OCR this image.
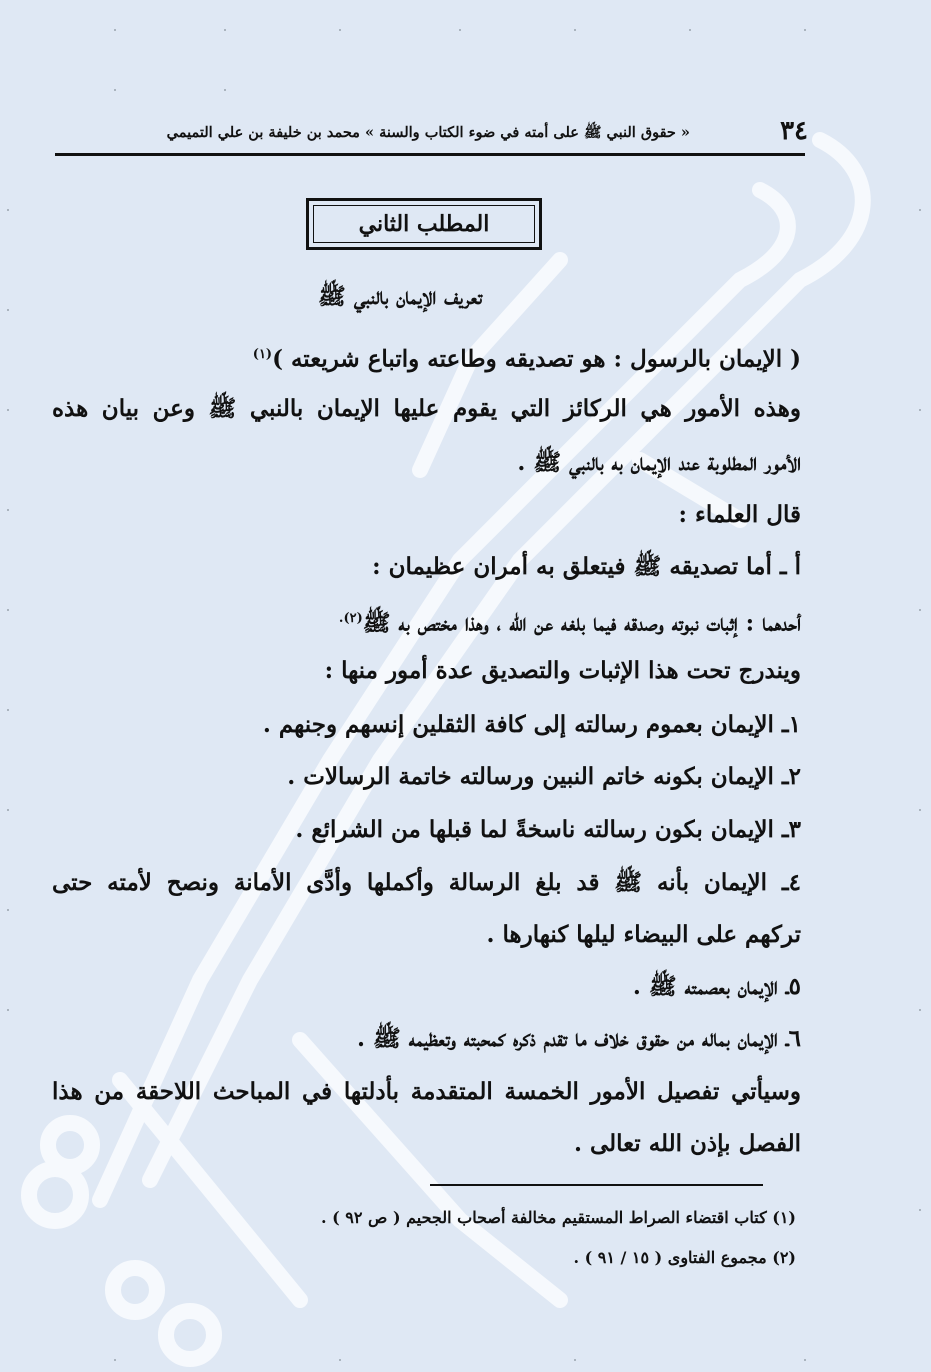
٣٤
« حقوق النبي ﷺ على أمته في ضوء الكتاب والسنة » محمد بن خليفة بن علي التميمي
المطلب الثاني
تعريف الإيمان بالنبي ﷺ
( الإيمان بالرسول : هو تصديقه وطاعته واتباع شريعته )$^{(١)}$
وهذه الأمور هي الركائز التي يقوم عليها الإيمان بالنبي ﷺ وعن بيان هذه
الأمور المطلوبة عند الإيمان به بالنبي ﷺ .
قال العلماء :
أ ـ أما تصديقه ﷺ فيتعلق به أمران عظيمان :
أحدهما : إثبات نبوته وصدقه فيما بلغه عن الله ، وهذا مختص به ﷺ$^{(٢).}$
ويندرج تحت هذا الإثبات والتصديق عدة أمور منها :
١ـ الإيمان بعموم رسالته إلى كافة الثقلين إنسهم وجنهم .
٢ـ الإيمان بكونه خاتم النبين ورسالته خاتمة الرسالات .
٣ـ الإيمان بكون رسالته ناسخةً لما قبلها من الشرائع .
٤ـ الإيمان بأنه ﷺ قد بلغ الرسالة وأكملها وأدَّى الأمانة ونصح لأمته حتى
تركهم على البيضاء ليلها كنهارها .
٥ـ الإيمان بعصمته ﷺ .
٦ـ الإيمان بماله من حقوق خلاف ما تقدم ذكره كمحبته وتعظيمه ﷺ .
وسيأتي تفصيل الأمور الخمسة المتقدمة بأدلتها في المباحث اللاحقة من هذا
الفصل بإذن الله تعالى .
(١) كتاب اقتضاء الصراط المستقيم مخالفة أصحاب الجحيم ( ص ٩٢ ) .
(٢) مجموع الفتاوى ( ١٥ / ٩١ ) .
